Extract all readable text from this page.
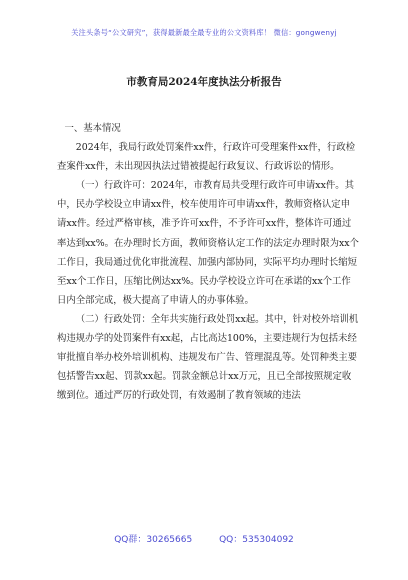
关注头条号“公文研究”，获得最新最全最专业的公文资料库！ 微信：gongwenyj
市教育局2024年度执法分析报告

一、基本情况

2024年，我局行政处罚案件xx件，行政许可受理案件xx件，行政检查案件xx件，未出现因执法过错被提起行政复议、行政诉讼的情形。

（一）行政许可：2024年，市教育局共受理行政许可申请xx件。其中，民办学校设立申请xx件，校车使用许可申请xx件，教师资格认定申请xx件。经过严格审核，准予许可xx件，不予许可xx件，整体许可通过率达到xx%。在办理时长方面，教师资格认定工作的法定办理时限为xx个工作日，我局通过优化审批流程、加强内部协同，实际平均办理时长缩短至xx个工作日，压缩比例达xx%。民办学校设立许可在承诺的xx个工作日内全部完成，极大提高了申请人的办事体验。

（二）行政处罚：全年共实施行政处罚xx起。其中，针对校外培训机构违规办学的处罚案件有xx起，占比高达100%，主要违规行为包括未经审批擅自举办校外培训机构、违规发布广告、管理混乱等。处罚种类主要包括警告xx起、罚款xx起。罚款金额总计xx万元，且已全部按照规定收缴到位。通过严厉的行政处罚，有效遏制了教育领域的违法

QQ群：30265665	QQ：535304092
